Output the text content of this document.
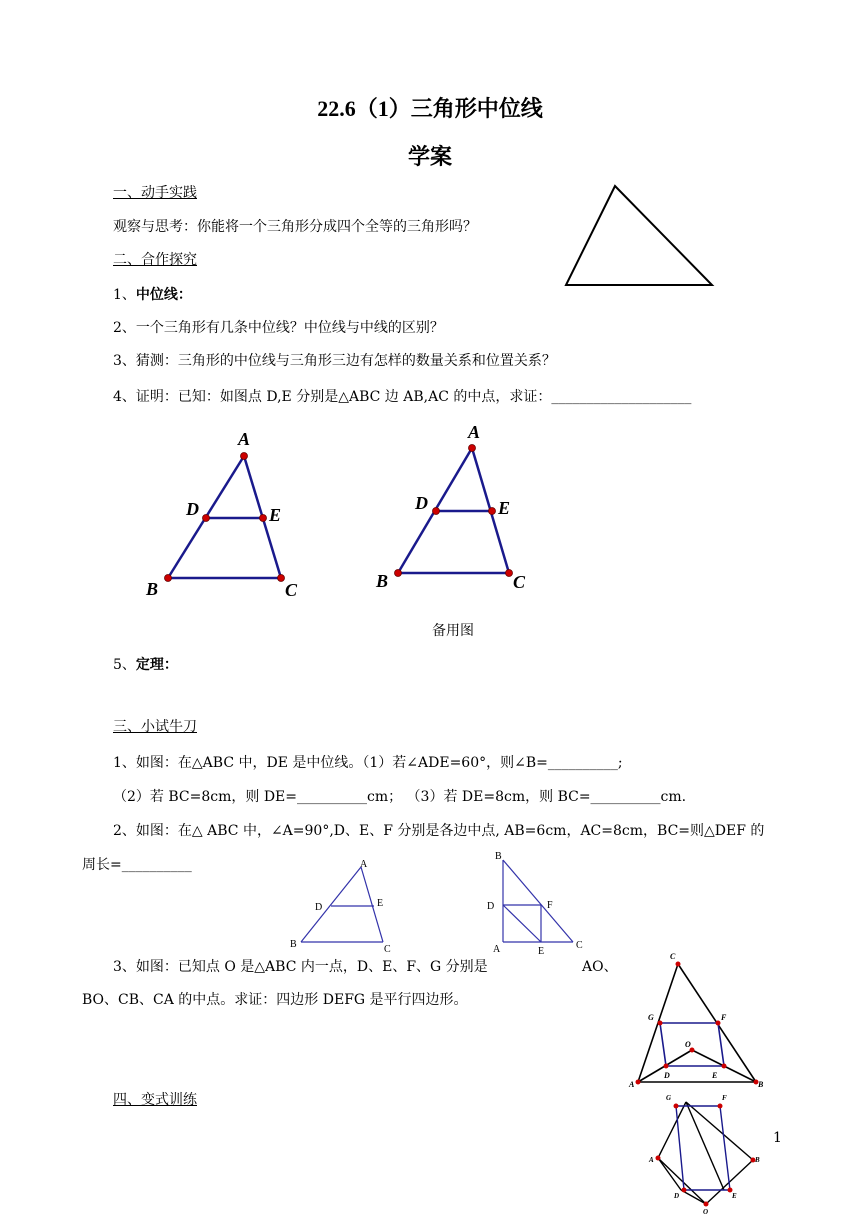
22.6（1）三角形中位线
学案
一、动手实践
观察与思考：你能将一个三角形分成四个全等的三角形吗？
二、合作探究
1、中位线：
2、一个三角形有几条中位线？中位线与中线的区别？
3、猜测：三角形的中位线与三角形三边有怎样的数量关系和位置关系？
4、证明：已知：如图点 D,E 分别是△ABC 边 AB,AC 的中点，求证：____________________
A
D	E
B	C
A
D	E
B	C
备用图
5、定理：
三、小试牛刀
1、如图：在△ABC 中，DE 是中位线。（1）若∠ADE=60°，则∠B=__________;
（2）若 BC=8cm，则 DE=__________cm； （3）若 DE=8cm，则 BC=__________cm.
2、如图：在△ ABC 中，∠A=90°,D、E、F 分别是各边中点, AB=6cm，AC=8cm，BC=则△DEF 的
周长=__________	A
D	E
B	C
B
D	F
A	E
C
3、如图：已知点 O 是△ABC 内一点，D、E、F、G 分别是	AO、
BO、CB、CA 的中点。求证：四边形 DEFG 是平行四边形。
C
G	F
O
D	E
A	B
四、变式训练
1
G	F
A	B
D	E
O
